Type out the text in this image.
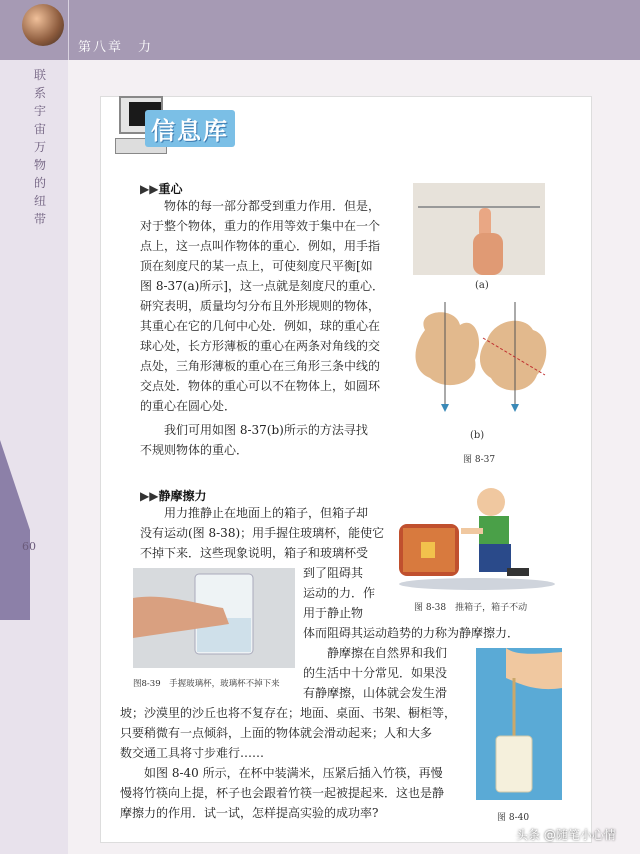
第八章　力
联
系
宇
宙
万
物
的
纽
带
60
信息库
▶▶重心
物体的每一部分都受到重力作用．但是，
对于整个物体，重力的作用等效于集中在一个
点上，这一点叫作物体的重心．例如，用手指
顶在刻度尺的某一点上，可使刻度尺平衡[如
图 8-37(a)所示]，这一点就是刻度尺的重心．
研究表明，质量均匀分布且外形规则的物体，
其重心在它的几何中心处．例如，球的重心在
球心处，长方形薄板的重心在两条对角线的交
点处，三角形薄板的重心在三角形三条中线的
交点处．物体的重心可以不在物体上，如圆环
的重心在圆心处．
我们可用如图 8-37(b)所示的方法寻找
不规则物体的重心．
(a)
(b)
图 8-37
▶▶静摩擦力
用力推静止在地面上的箱子，但箱子却
没有运动(图 8-38)；用手握住玻璃杯，能使它
不掉下来．这些现象说明，箱子和玻璃杯受
到了阻碍其
运动的力．作
用于静止物
体而阻碍其运动趋势的力称为静摩擦力．
静摩擦在自然界和我们
的生活中十分常见．如果没
有静摩擦，山体就会发生滑
坡；沙漠里的沙丘也将不复存在；地面、桌面、书架、橱柜等，
只要稍微有一点倾斜，上面的物体就会滑动起来；人和大多
数交通工具将寸步难行……
如图 8-40 所示，在杯中装满米，压紧后插入竹筷，再慢
慢将竹筷向上提，杯子也会跟着竹筷一起被提起来．这也是静
摩擦力的作用．试一试，怎样提高实验的成功率?
图 8-38　推箱子，箱子不动
图8-39　手握玻璃杯，玻璃杯不掉下来
图 8-40
头条 @随笔小心情
